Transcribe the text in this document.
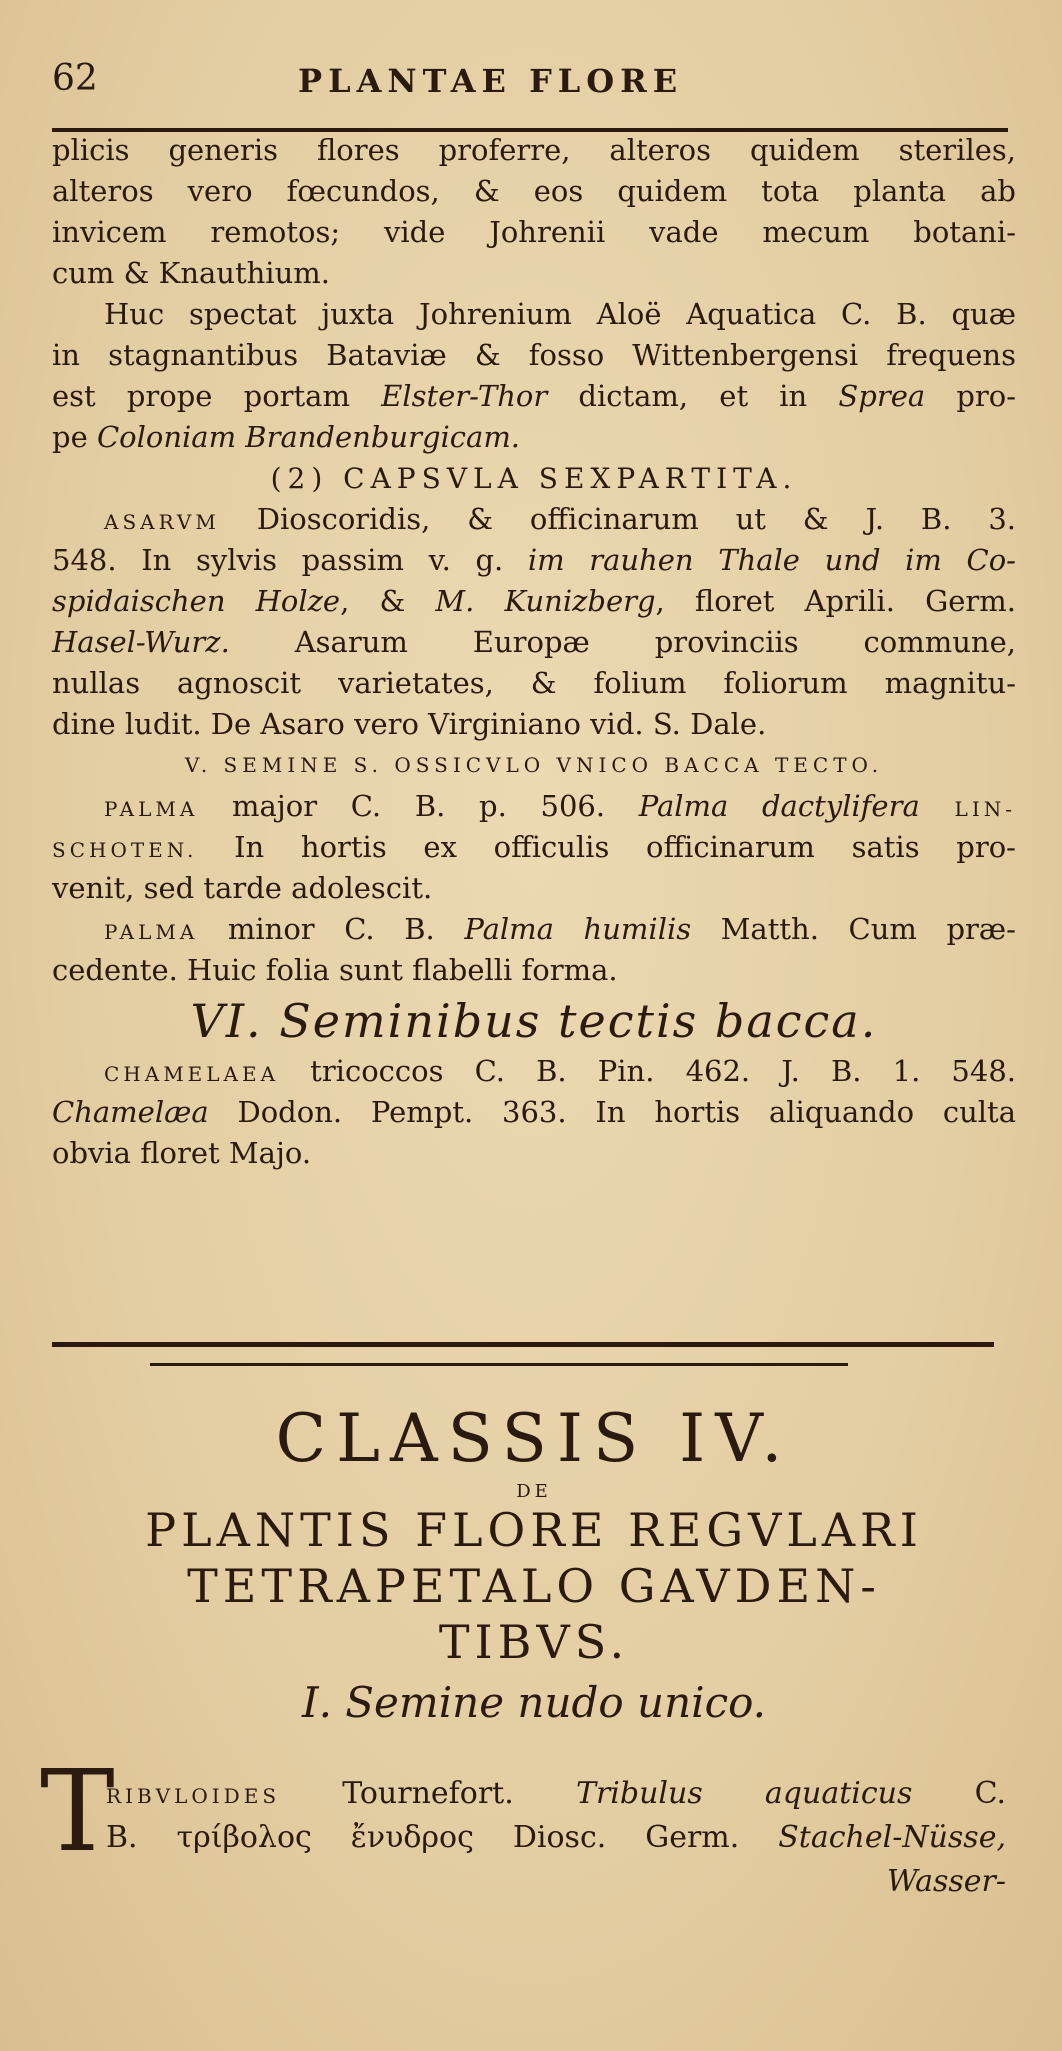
62	PLANTAE FLORE
plicis generis flores proferre, alteros quidem steriles,
alteros vero fœcundos, & eos quidem tota planta ab
invicem remotos; vide Johrenii vade mecum botani-
cum & Knauthium.
Huc spectat juxta Johrenium Aloë Aquatica C. B. quæ
in stagnantibus Bataviæ & fosso Wittenbergensi frequens
est prope portam Elster-Thor dictam, et in Sprea pro-
pe Coloniam Brandenburgicam.
(2) CAPSVLA SEXPARTITA.
ASARVM Dioscoridis, & officinarum ut & J. B. 3.
548. In sylvis passim v. g. im rauhen Thale und im Co-
spidaischen Holze, & M. Kunizberg, floret Aprili. Germ.
Hasel-Wurz. Asarum Europæ provinciis commune,
nullas agnoscit varietates, & folium foliorum magnitu-
dine ludit. De Asaro vero Virginiano vid. S. Dale.
V. SEMINE S. OSSICVLO VNICO BACCA TECTO.
PALMA major C. B. p. 506. Palma dactylifera LIN-
SCHOTEN. In hortis ex officulis officinarum satis pro-
venit, sed tarde adolescit.
PALMA minor C. B. Palma humilis Matth. Cum præ-
cedente. Huic folia sunt flabelli forma.
VI. Seminibus tectis bacca.
CHAMELAEA tricoccos C. B. Pin. 462. J. B. 1. 548.
Chamelæa Dodon. Pempt. 363. In hortis aliquando culta
obvia floret Majo.
CLASSIS IV.
DE
PLANTIS FLORE REGVLARI
TETRAPETALO GAVDEN-
TIBVS.
I. Semine nudo unico.
T
RIBVLOIDES Tournefort. Tribulus aquaticus C.
B. τρίβολος ἔνυδρος Diosc. Germ. Stachel-Nüsse,
Wasser-
